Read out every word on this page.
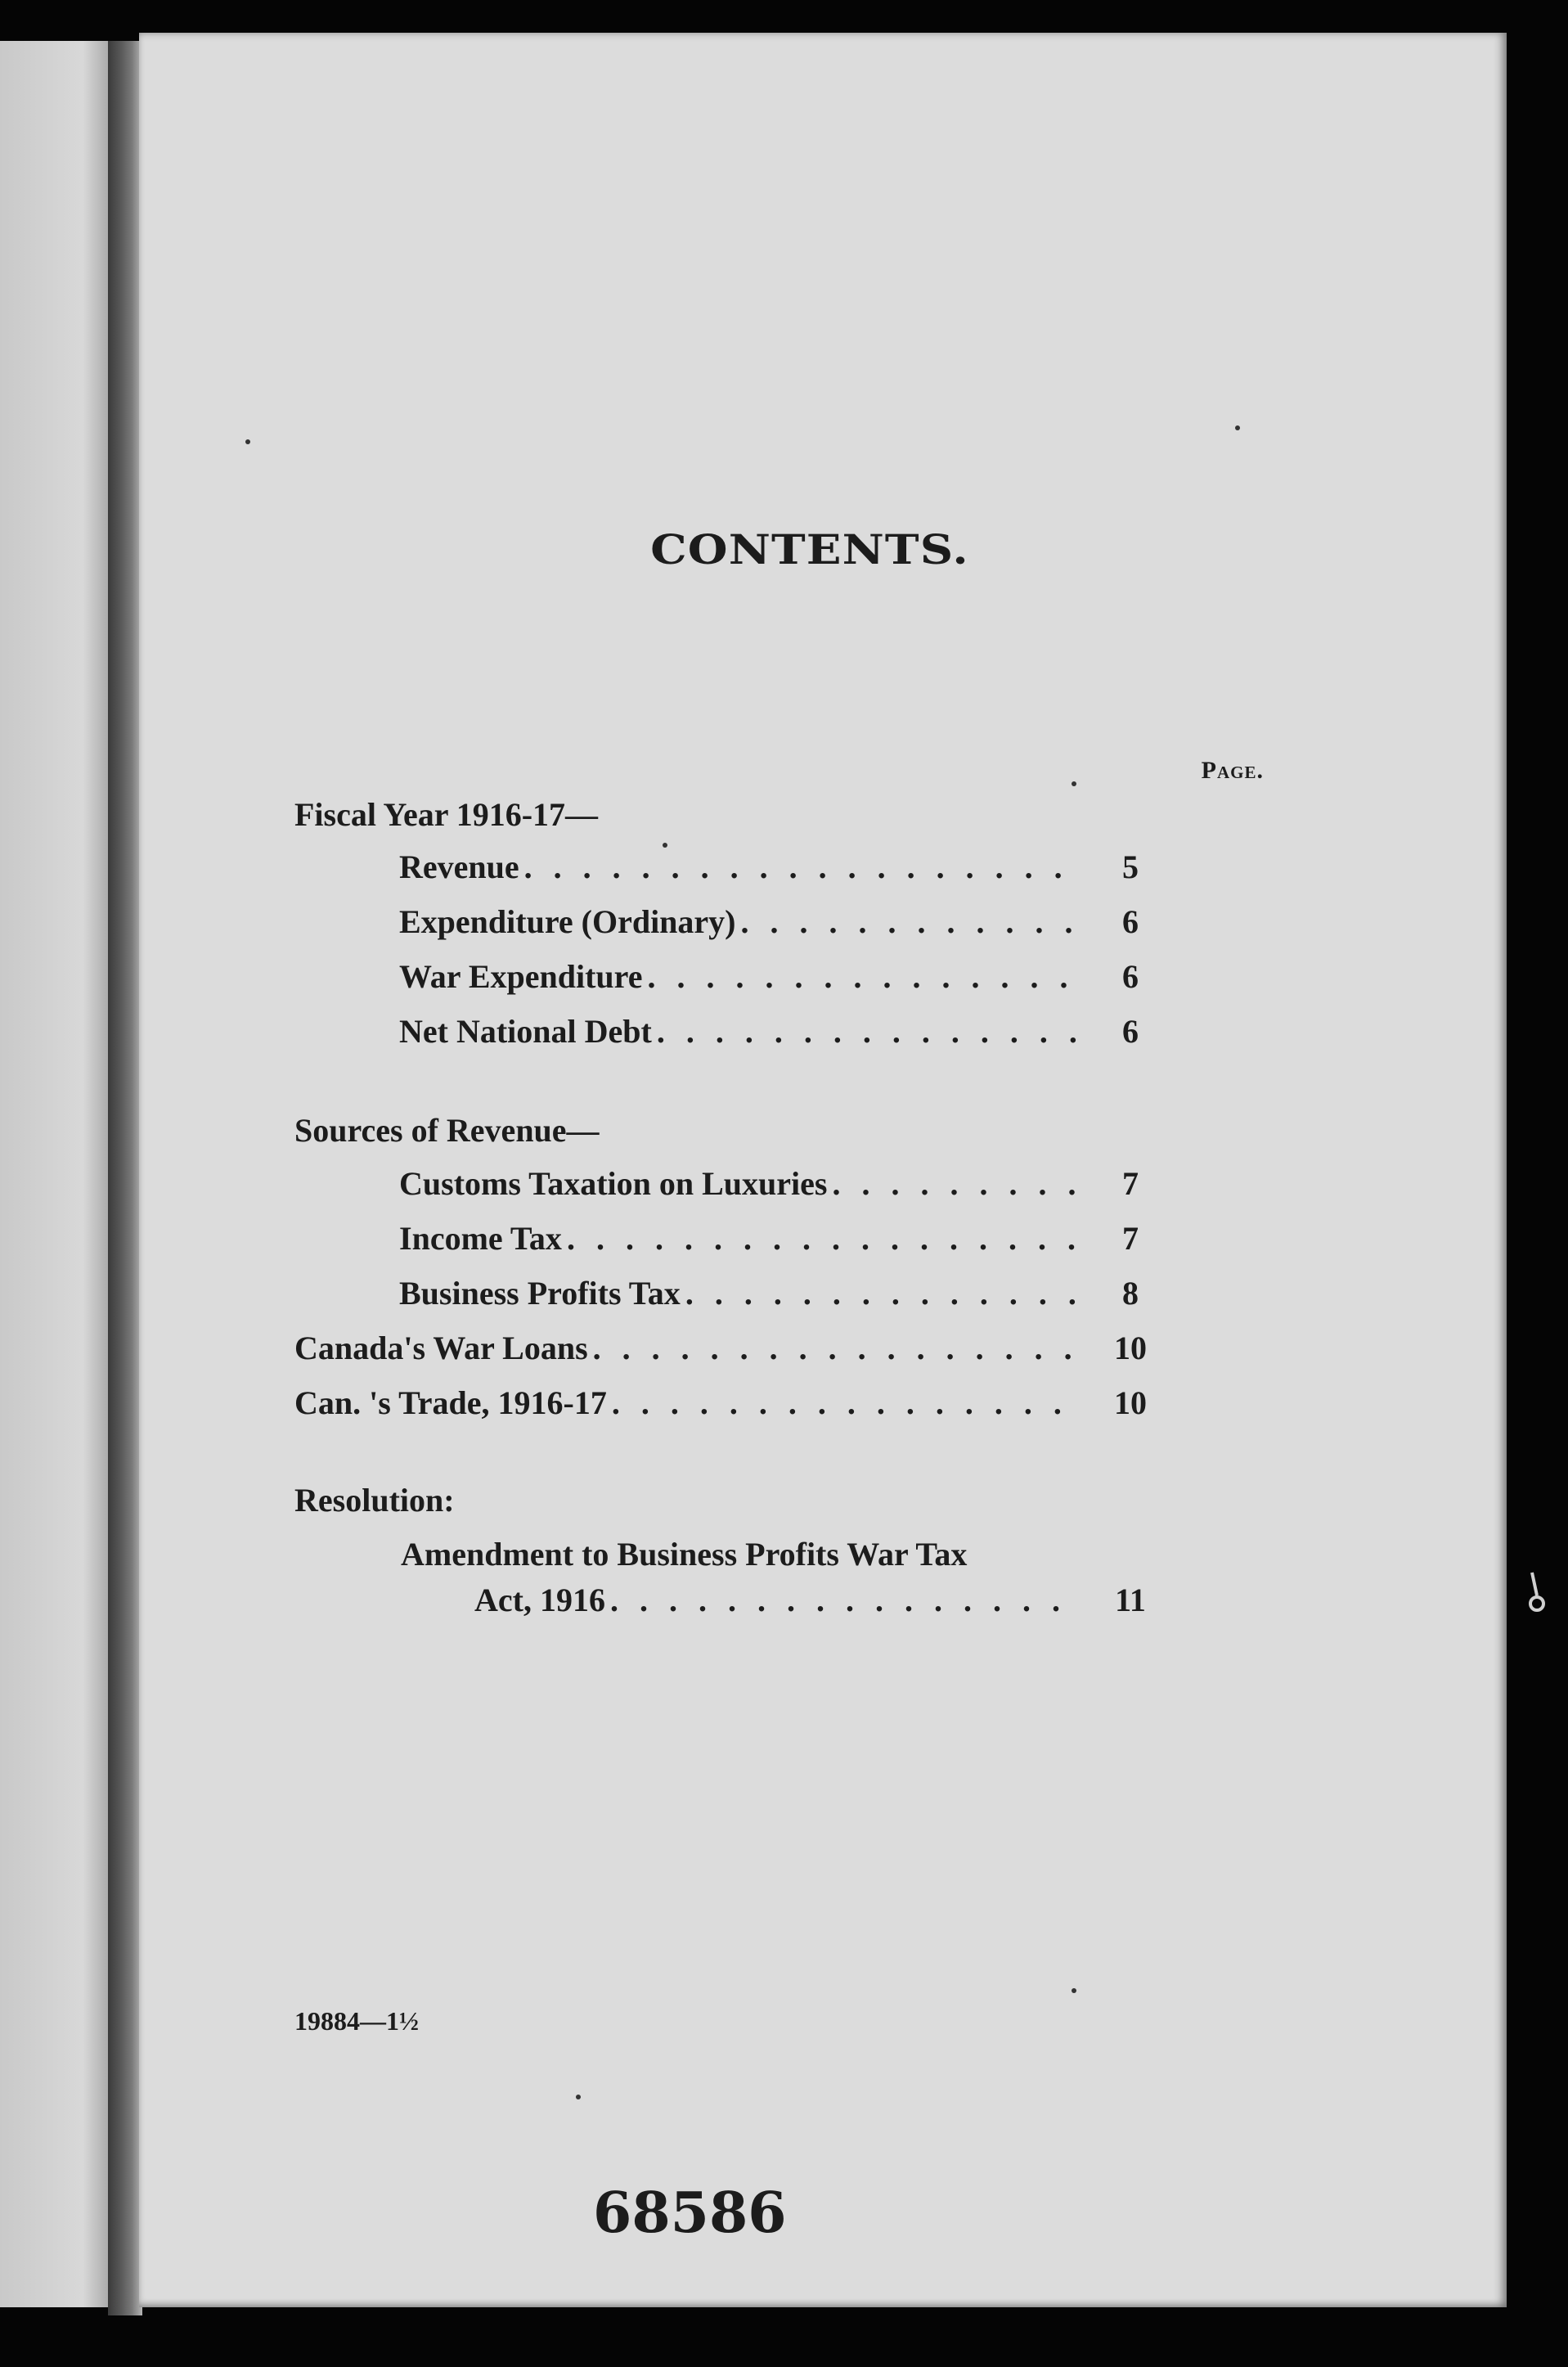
CONTENTS.
Page.
Fiscal Year 1916-17—
Revenue . . .	5
Expenditure (Ordinary) . . .	6
War Expenditure . . .	6
Net National Debt . . .	6
Sources of Revenue—
Customs Taxation on Luxuries . . .	7
Income Tax . . .	7
Business Profits Tax . . .	8
Canada's War Loans . . .	10
Can. 's Trade, 1916-17 . . .	10
Resolution:
Amendment to Business Profits War Tax
Act, 1916 . . .	11
19884—1½
68586
